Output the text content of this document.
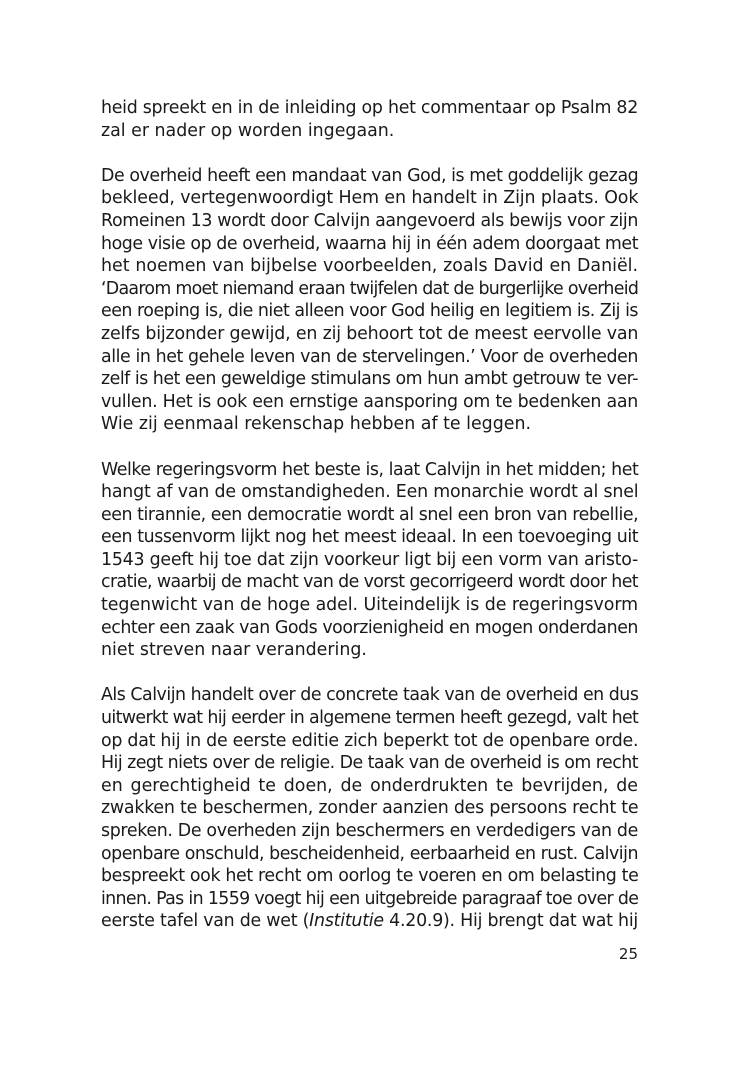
heid spreekt en in de inleiding op het commentaar op Psalm 82
zal er nader op worden ingegaan.

De overheid heeft een mandaat van God, is met goddelijk gezag
bekleed, vertegenwoordigt Hem en handelt in Zijn plaats. Ook
Romeinen 13 wordt door Calvijn aangevoerd als bewijs voor zijn
hoge visie op de overheid, waarna hij in één adem doorgaat met
het noemen van bijbelse voorbeelden, zoals David en Daniël.
‘Daarom moet niemand eraan twijfelen dat de burgerlijke overheid
een roeping is, die niet alleen voor God heilig en legitiem is. Zij is
zelfs bijzonder gewijd, en zij behoort tot de meest eervolle van
alle in het gehele leven van de stervelingen.’ Voor de overheden
zelf is het een geweldige stimulans om hun ambt getrouw te ver-
vullen. Het is ook een ernstige aansporing om te bedenken aan
Wie zij eenmaal rekenschap hebben af te leggen.

Welke regeringsvorm het beste is, laat Calvijn in het midden; het
hangt af van de omstandigheden. Een monarchie wordt al snel
een tirannie, een democratie wordt al snel een bron van rebellie,
een tussenvorm lijkt nog het meest ideaal. In een toevoeging uit
1543 geeft hij toe dat zijn voorkeur ligt bij een vorm van aristo-
cratie, waarbij de macht van de vorst gecorrigeerd wordt door het
tegenwicht van de hoge adel. Uiteindelijk is de regeringsvorm
echter een zaak van Gods voorzienigheid en mogen onderdanen
niet streven naar verandering.

Als Calvijn handelt over de concrete taak van de overheid en dus
uitwerkt wat hij eerder in algemene termen heeft gezegd, valt het
op dat hij in de eerste editie zich beperkt tot de openbare orde.
Hij zegt niets over de religie. De taak van de overheid is om recht
en gerechtigheid te doen, de onderdrukten te bevrijden, de
zwakken te beschermen, zonder aanzien des persoons recht te
spreken. De overheden zijn beschermers en verdedigers van de
openbare onschuld, bescheidenheid, eerbaarheid en rust. Calvijn
bespreekt ook het recht om oorlog te voeren en om belasting te
innen. Pas in 1559 voegt hij een uitgebreide paragraaf toe over de
eerste tafel van de wet (Institutie 4.20.9). Hij brengt dat wat hij

25
